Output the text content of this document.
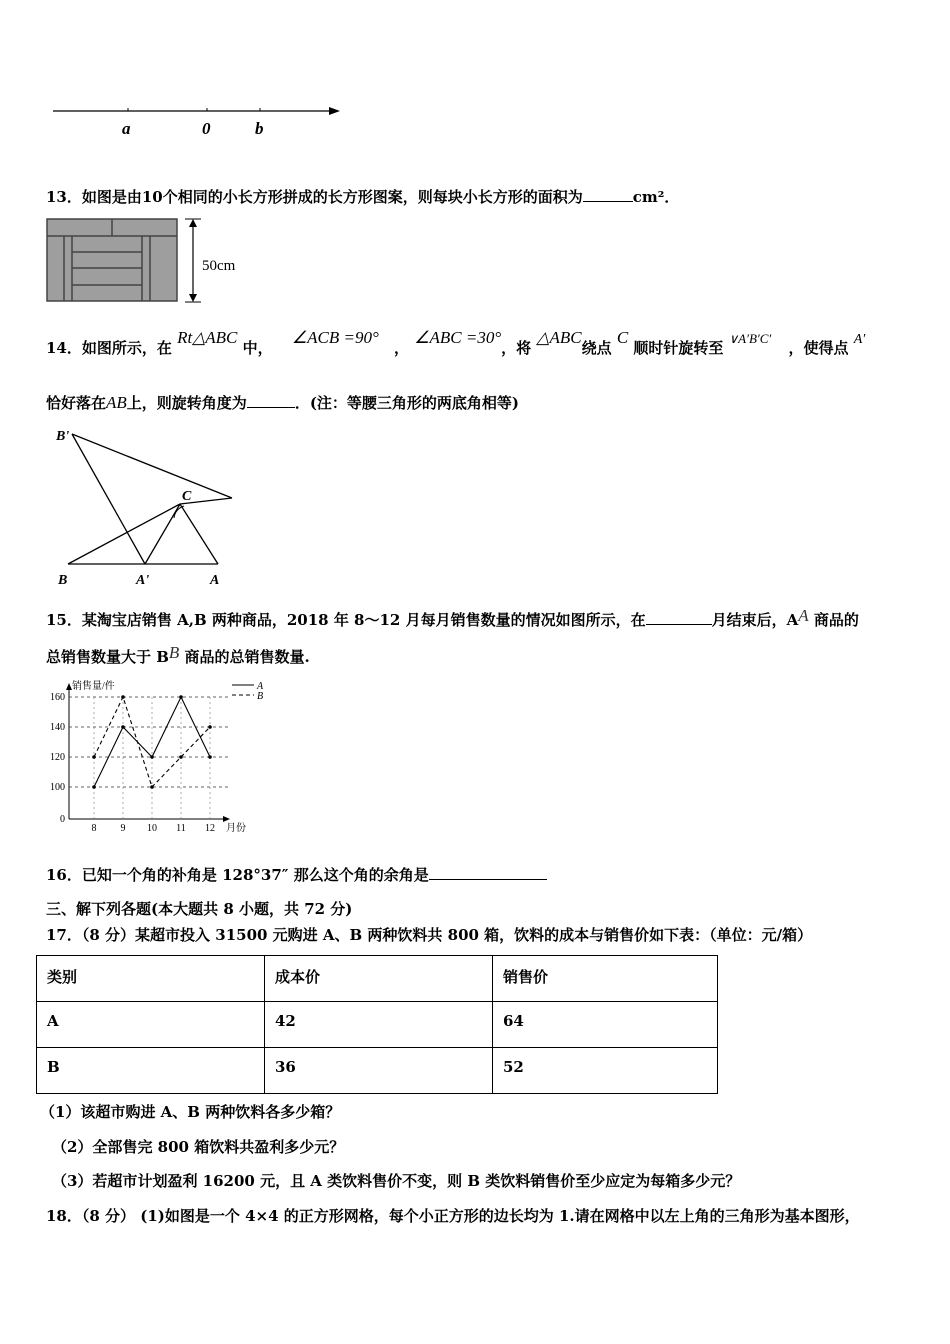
a	0	b
13．如图是由10个相同的小长方形拼成的长方形图案，则每块小长方形的面积为	cm²．
50cm
14．如图所示，在 Rt△ABC 中， ∠ACB =90° ， ∠ABC =30°，将 △ABC绕点 C 顺时针旋转至 ∨A′B′C′ ，使得点 A′
恰好落在AB上，则旋转角度为	．(注：等腰三角形的两底角相等)
B'
C
B	A'	A
15．某淘宝店销售 A,B 两种商品，2018 年 8～12 月每月销售数量的情况如图所示，在	月结束后，AA 商品的
总销售数量大于 BB 商品的总销售数量.
0
100
120
140
160
8 9 10 11 12 月份
销售量/件	A
B
16．已知一个角的补角是 128°37″ 那么这个角的余角是
三、解下列各题(本大题共 8 小题，共 72 分)
17．（8 分）某超市投入 31500 元购进 A、B 两种饮料共 800 箱，饮料的成本与销售价如下表：（单位：元/箱）
类别	成本价	销售价
A	42	64
B	36	52
（1）该超市购进 A、B 两种饮料各多少箱？
（2）全部售完 800 箱饮料共盈利多少元？
（3）若超市计划盈利 16200 元，且 A 类饮料售价不变，则 B 类饮料销售价至少应定为每箱多少元？
18．（8 分） (1)如图是一个 4×4 的正方形网格，每个小正方形的边长均为 1.请在网格中以左上角的三角形为基本图形，
